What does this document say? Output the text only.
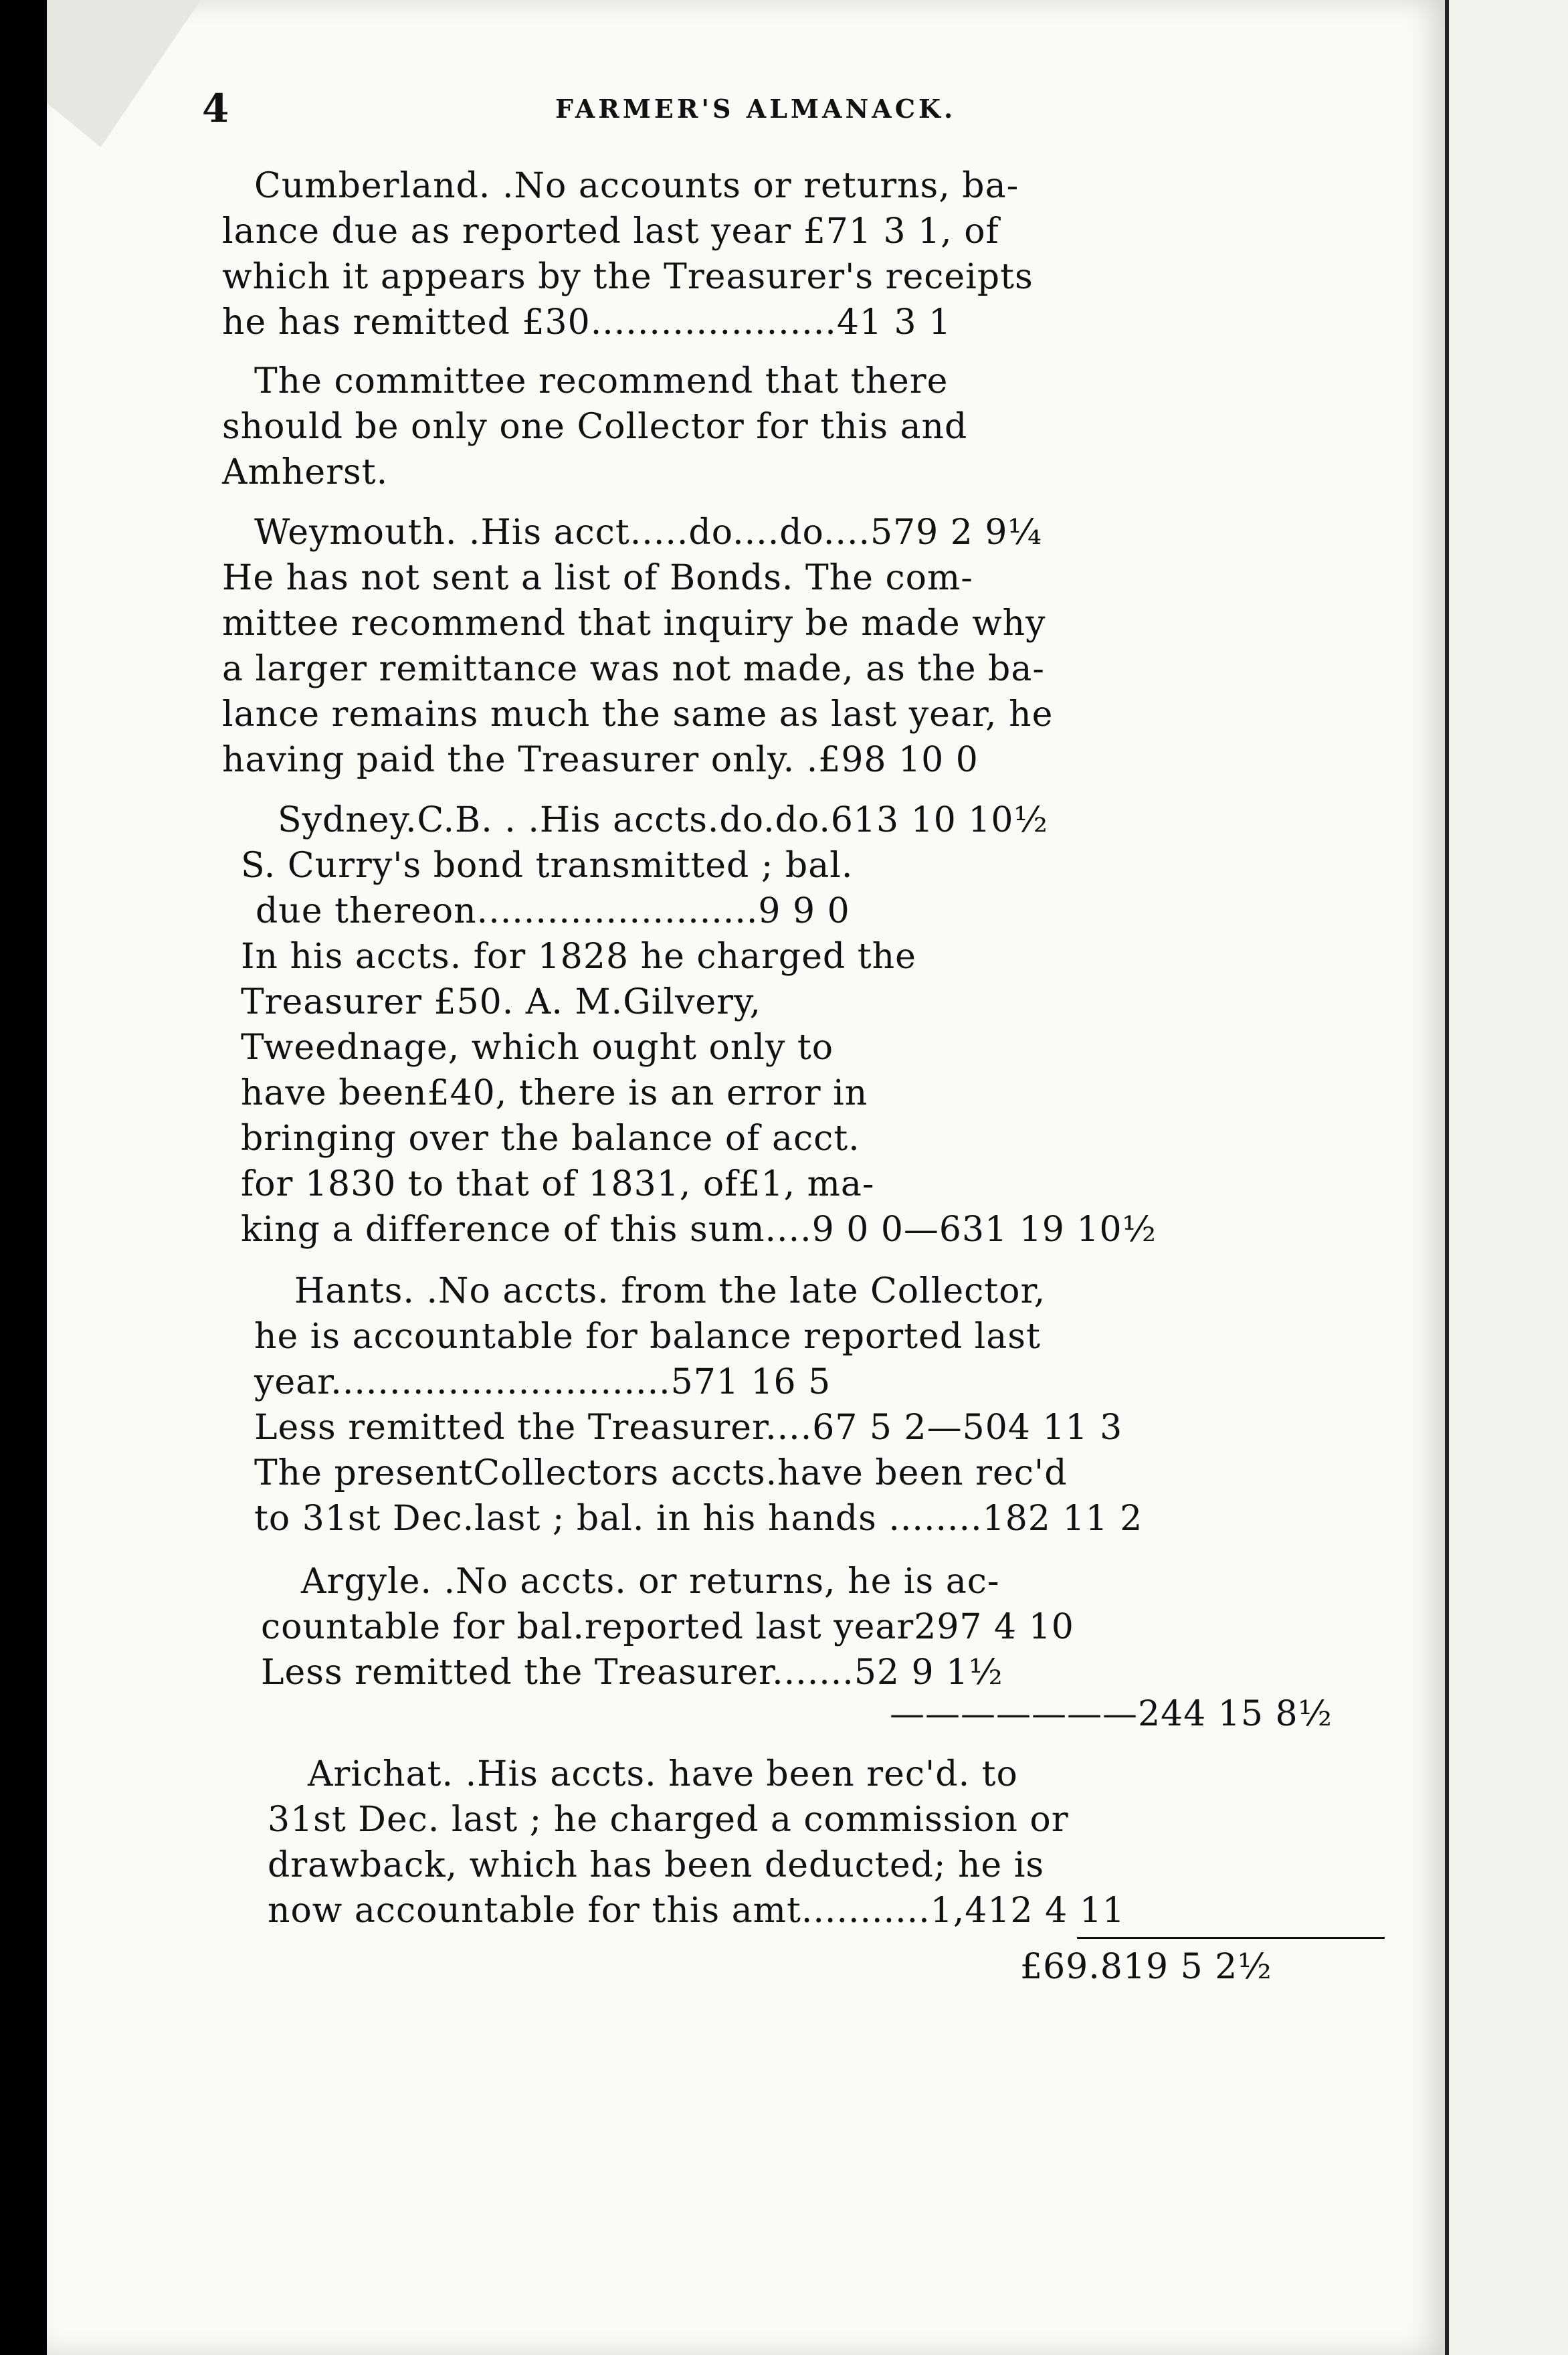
4	FARMER'S ALMANACK.
Cumberland. .No accounts or returns, ba-
lance due as reported last year £71 3 1, of
which it appears by the Treasurer's receipts
he has remitted £30.....................41 3 1
The committee recommend that there
should be only one Collector for this and
Amherst.
Weymouth. .His acct.....do....do....579 2 9¼
He has not sent a list of Bonds. The com-
mittee recommend that inquiry be made why
a larger remittance was not made, as the ba-
lance remains much the same as last year, he
having paid the Treasurer only. .£98 10 0
Sydney.C.B. . .His accts.do.do.613 10 10½
S. Curry's bond transmitted ; bal.
due thereon........................9 9 0
In his accts. for 1828 he charged the
Treasurer £50. A. M.Gilvery,
Tweednage, which ought only to
have been£40, there is an error in
bringing over the balance of acct.
for 1830 to that of 1831, of£1, ma-
king a difference of this sum....9 0 0—631 19 10½
Hants. .No accts. from the late Collector,
he is accountable for balance reported last
year.............................571 16 5
Less remitted the Treasurer....67 5 2—504 11 3
The presentCollectors accts.have been rec'd
to 31st Dec.last ; bal. in his hands ........182 11 2
Argyle. .No accts. or returns, he is ac-
countable for bal.reported last year297 4 10
Less remitted the Treasurer.......52 9 1½
———————244 15 8½
Arichat. .His accts. have been rec'd. to
31st Dec. last ; he charged a commission or
drawback, which has been deducted; he is
now accountable for this amt...........1,412 4 11
£69.819 5 2½
